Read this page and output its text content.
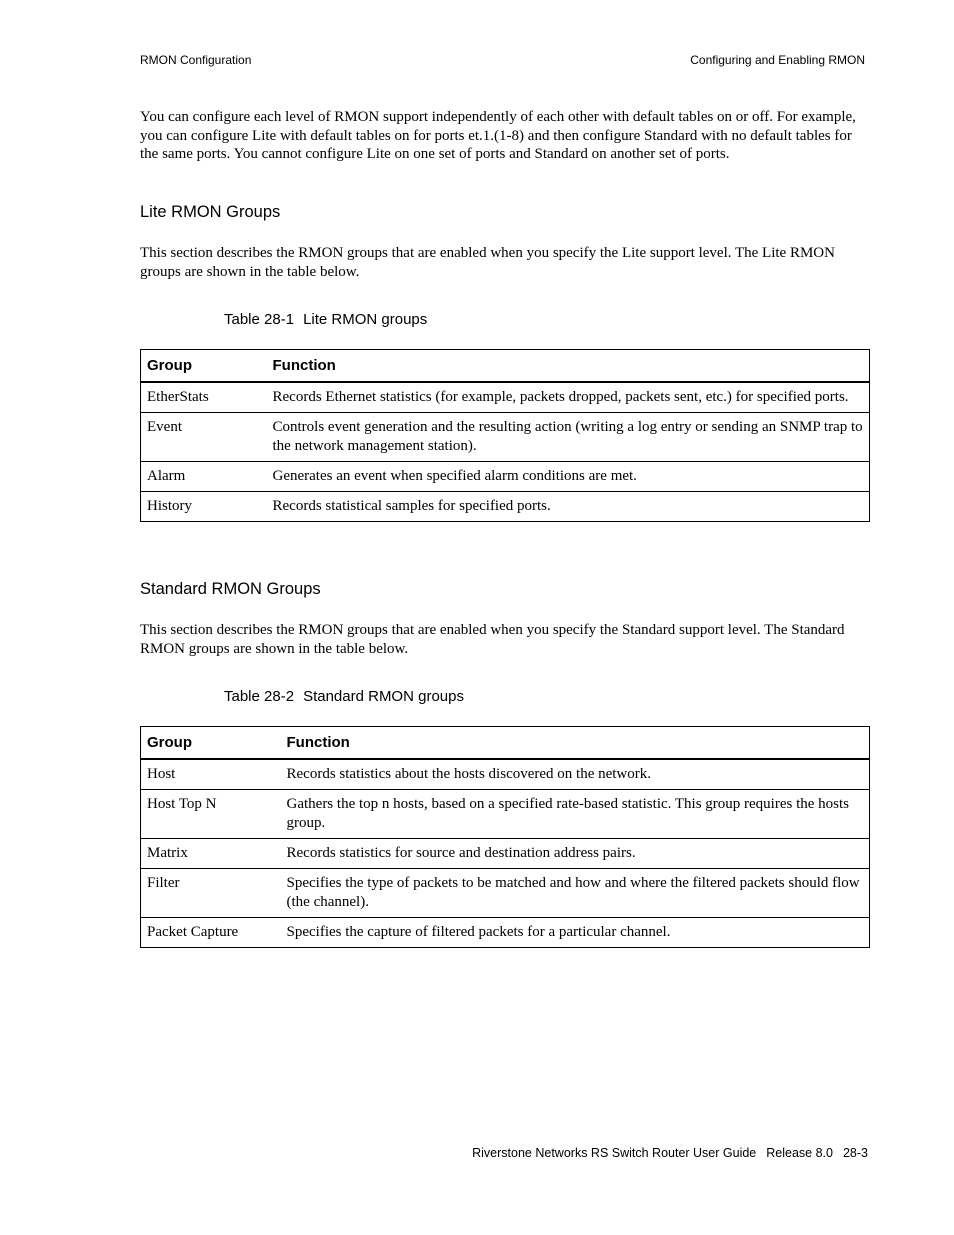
RMON Configuration	Configuring and Enabling RMON
You can configure each level of RMON support independently of each other with default tables on or off. For example, you can configure Lite with default tables on for ports et.1.(1-8) and then configure Standard with no default tables for the same ports. You cannot configure Lite on one set of ports and Standard on another set of ports.
Lite RMON Groups
This section describes the RMON groups that are enabled when you specify the Lite support level. The Lite RMON groups are shown in the table below.
Table 28-1 Lite RMON groups
Group	Function
EtherStats	Records Ethernet statistics (for example, packets dropped, packets sent, etc.) for specified ports.
Event	Controls event generation and the resulting action (writing a log entry or sending an SNMP trap to the network management station).
Alarm	Generates an event when specified alarm conditions are met.
History	Records statistical samples for specified ports.
Standard RMON Groups
This section describes the RMON groups that are enabled when you specify the Standard support level. The Standard RMON groups are shown in the table below.
Table 28-2 Standard RMON groups
Group	Function
Host	Records statistics about the hosts discovered on the network.
Host Top N	Gathers the top n hosts, based on a specified rate-based statistic. This group requires the hosts group.
Matrix	Records statistics for source and destination address pairs.
Filter	Specifies the type of packets to be matched and how and where the filtered packets should flow (the channel).
Packet Capture	Specifies the capture of filtered packets for a particular channel.
Riverstone Networks RS Switch Router User Guide Release 8.0 28-3
